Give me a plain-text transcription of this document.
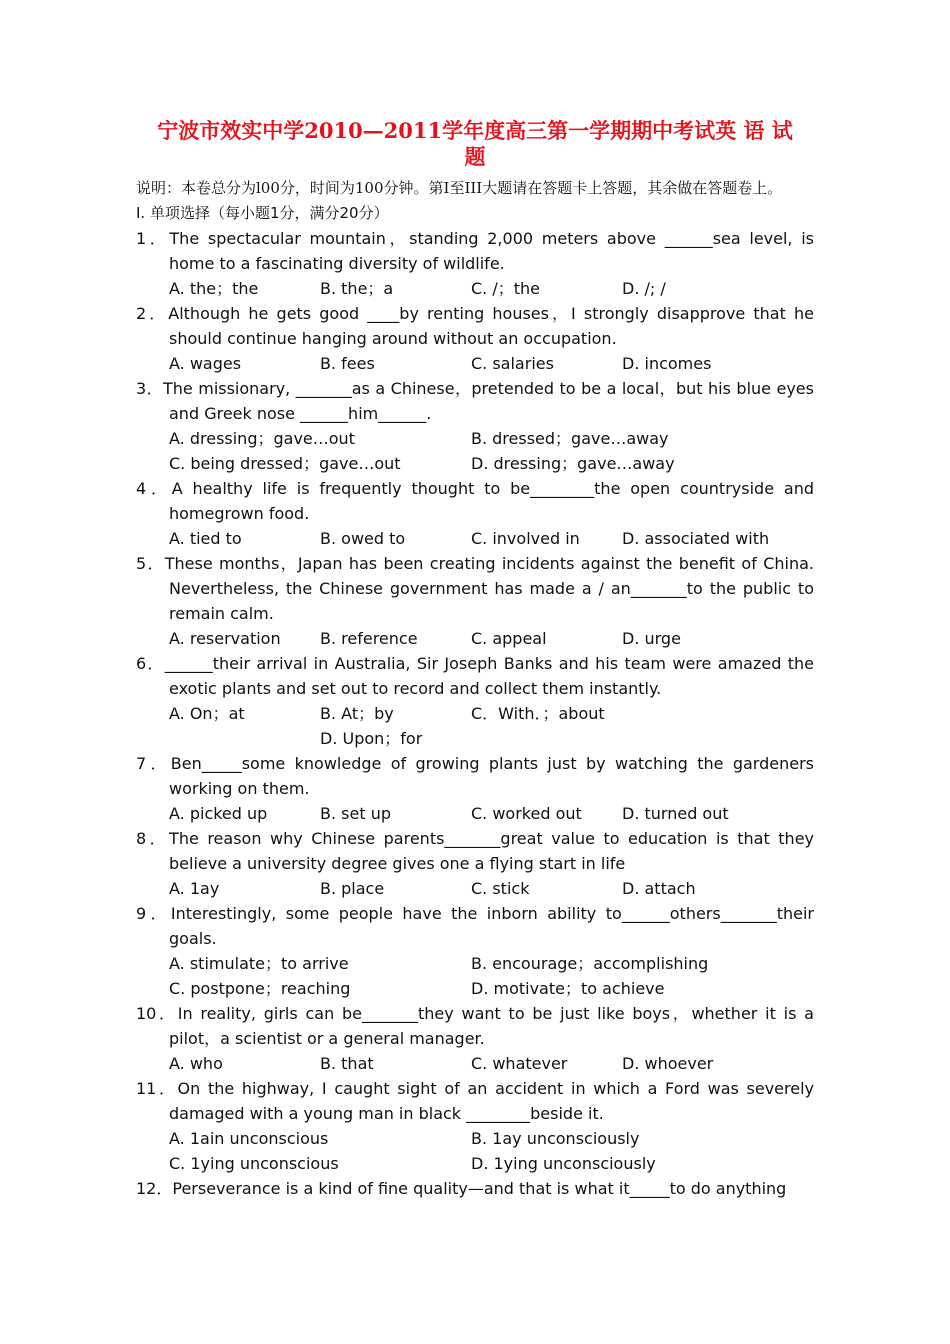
宁波市效实中学2010—2011学年度高三第一学期期中考试英 语 试
题
说明：本卷总分为l00分，时间为100分钟。第Ⅰ至III大题请在答题卡上答题，其余做在答题卷上。
I. 单项选择（每小题1分，满分20分）
1．The spectacular mountain，standing 2,000 meters above ______sea level, is home to a fascinating diversity of wildlife.
A. the；the	B. the；a	C. /；the	D. /; /
2．Although he gets good ____by renting houses，I strongly disapprove that he should continue hanging around without an occupation.
A. wages	B. fees	C. salaries	D. incomes
3．The missionary, _______as a Chinese，pretended to be a local，but his blue eyes and Greek nose ______him______.
A. dressing；gave…out	B. dressed；gave…away
C. being dressed；gave…out	D. dressing；gave…away
4．A healthy life is frequently thought to be________the open countryside and homegrown food.
A. tied to	B. owed to	C. involved in	D. associated with
5．These months，Japan has been creating incidents against the benefit of China. Nevertheless, the Chinese government has made a / an_______to the public to remain calm.
A. reservation	B. reference	C. appeal	D. urge
6．______their arrival in Australia, Sir Joseph Banks and his team were amazed the exotic plants and set out to record and collect them instantly.
A. On；at	B. At；by	C．With．；about
D. Upon；for
7．Ben_____some knowledge of growing plants just by watching the gardeners working on them.
A. picked up	B. set up	C. worked out	D. turned out
8．The reason why Chinese parents_______great value to education is that they believe a university degree gives one a flying start in life
A. 1ay	B. place	C. stick	D. attach
9．Interestingly, some people have the inborn ability to______others_______their goals.
A. stimulate；to arrive	B. encourage；accomplishing
C. postpone；reaching	D. motivate；to achieve
10．In reality, girls can be_______they want to be just like boys，whether it is a pilot，a scientist or a general manager.
A. who	B. that	C. whatever	D. whoever
11．On the highway, I caught sight of an accident in which a Ford was severely damaged with a young man in black ________beside it.
A. 1ain unconscious	B. 1ay unconsciously
C. 1ying unconscious	D. 1ying unconsciously
12．Perseverance is a kind of fine quality—and that is what it_____to do anything
